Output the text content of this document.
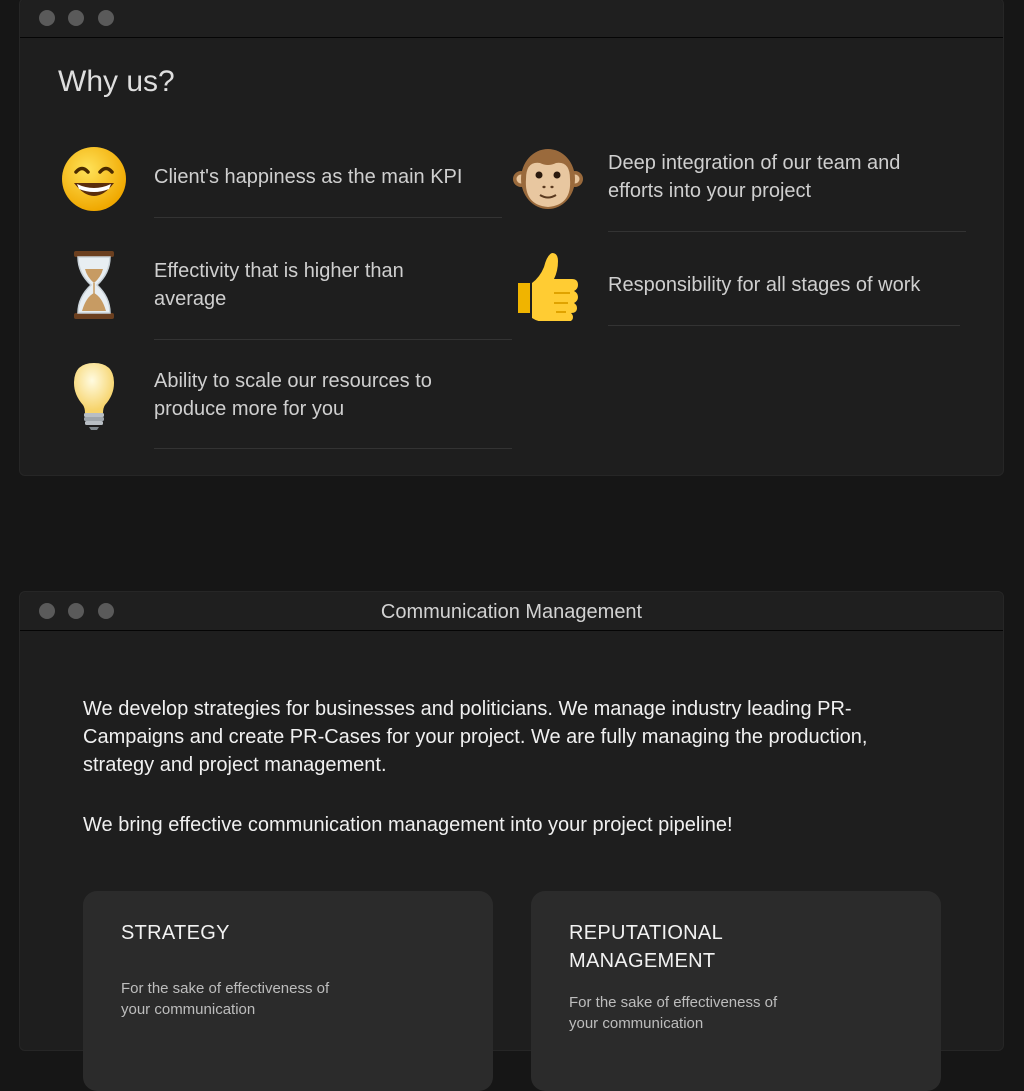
Why us?
Client's happiness as the main KPI
Deep integration of our team and efforts into your project
Effectivity that is higher than average
Responsibility for all stages of work
Ability to scale our resources to produce more for you
Communication Management

We develop strategies for businesses and politicians. We manage industry leading PR-Campaigns and create PR-Cases for your project. We are fully managing the production, strategy and project management.

We bring effective communication management into your project pipeline!

STRATEGY
For the sake of effectiveness of your communication
REPUTATIONAL MANAGEMENT
For the sake of effectiveness of your communication
